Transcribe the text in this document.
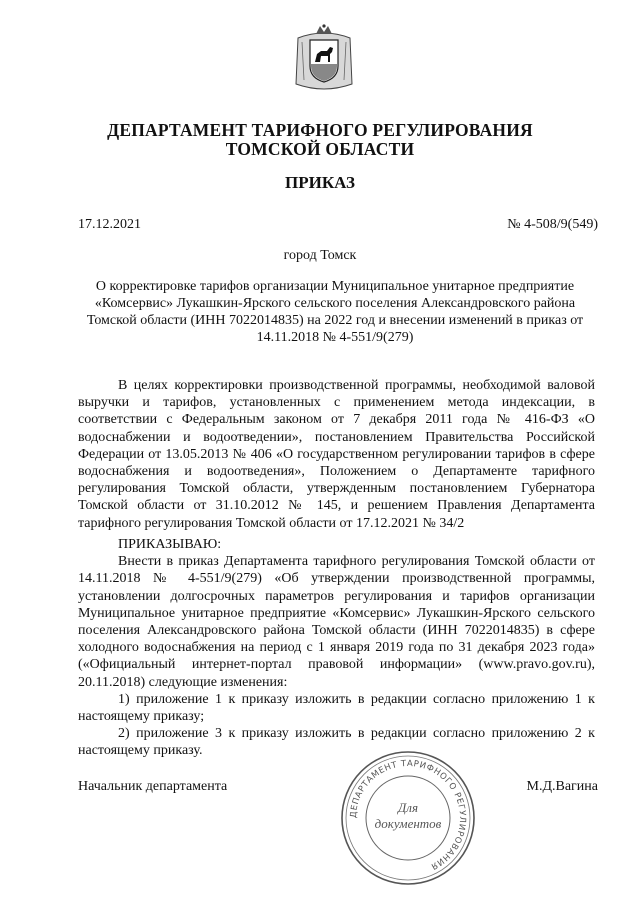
ДЕПАРТАМЕНТ ТАРИФНОГО РЕГУЛИРОВАНИЯ
ТОМСКОЙ ОБЛАСТИ
ПРИКАЗ
17.12.2021	№ 4-508/9(549)
город Томск
О корректировке тарифов организации Муниципальное унитарное предприятие
«Комсервис» Лукашкин-Ярского сельского поселения Александровского района
Томской области (ИНН 7022014835) на 2022 год и внесении изменений в приказ от
14.11.2018 № 4-551/9(279)

В целях корректировки производственной программы, необходимой валовой выручки и тарифов, установленных с применением метода индексации, в соответствии с Федеральным законом от 7 декабря 2011 года № 416-ФЗ «О водоснабжении и водоотведении», постановлением Правительства Российской Федерации от 13.05.2013 № 406 «О государственном регулировании тарифов в сфере водоснабжения и водоотведения», Положением о Департаменте тарифного регулирования Томской области, утвержденным постановлением Губернатора Томской области от 31.10.2012 № 145, и решением Правления Департамента тарифного регулирования Томской области от 17.12.2021 № 34/2

ПРИКАЗЫВАЮ:

Внести в приказ Департамента тарифного регулирования Томской области от 14.11.2018 № 4-551/9(279) «Об утверждении производственной программы, установлении долгосрочных параметров регулирования и тарифов организации Муниципальное унитарное предприятие «Комсервис» Лукашкин-Ярского сельского поселения Александровского района Томской области (ИНН 7022014835) в сфере холодного водоснабжения на период с 1 января 2019 года по 31 декабря 2023 года» («Официальный интернет-портал правовой информации» (www.pravo.gov.ru), 20.11.2018) следующие изменения:

1) приложение 1 к приказу изложить в редакции согласно приложению 1 к настоящему приказу;

2) приложение 3 к приказу изложить в редакции согласно приложению 2 к настоящему приказу.

Начальник департамента	М.Д.Вагина
ДЕПАРТАМЕНТ ТАРИФНОГО РЕГУЛИРОВАНИЯ
Для
документов
